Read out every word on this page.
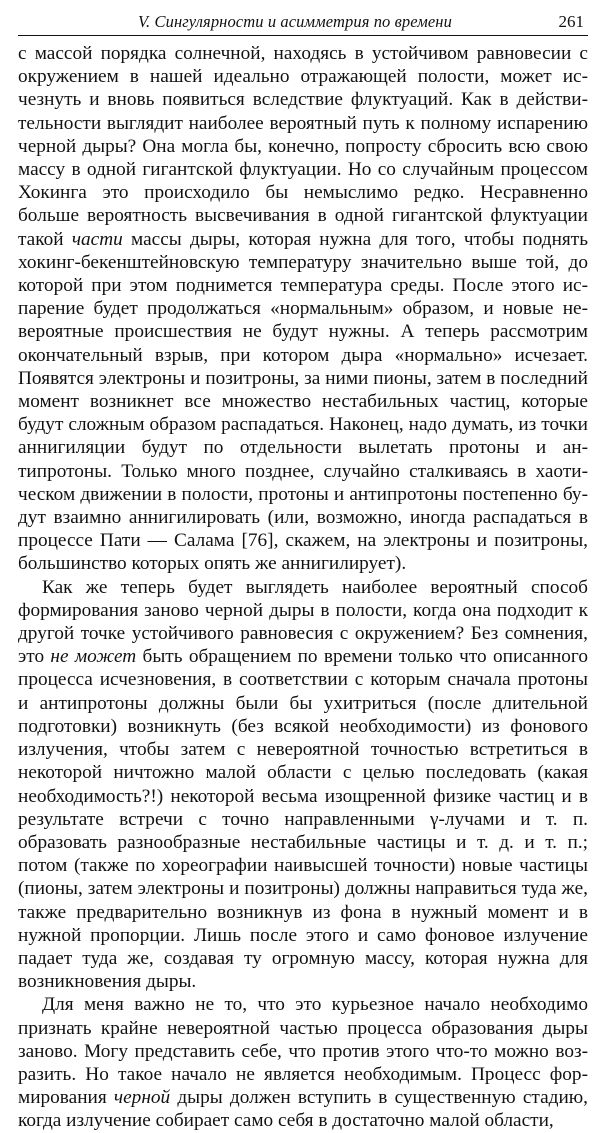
V. Сингулярности и асимметрия по времени	261

с массой порядка солнечной, находясь в устойчивом равновесии с окружением в нашей идеально отражающей полости, может исчезнуть и вновь появиться вследствие флуктуаций. Как в действительности выглядит наиболее вероятный путь к полному испарению черной дыры? Она могла бы, конечно, попросту сбросить всю свою массу в одной гигантской флуктуации. Но со случайным процессом Хокинга это происходило бы немыслимо редко. Несравненно больше вероятность высвечивания в одной гигантской флуктуации такой части массы дыры, которая нужна для того, чтобы поднять хокинг-бекенштейновскую температуру значительно выше той, до которой при этом поднимется температура среды. После этого испарение будет продолжаться «нормальным» образом, и новые невероятные происшествия не будут нужны. А теперь рассмотрим окончательный взрыв, при котором дыра «нормально» исчезает. Появятся электроны и позитроны, за ними пионы, затем в последний момент возникнет все множество нестабильных частиц, которые будут сложным образом распадаться. Наконец, надо думать, из точки аннигиляции будут по отдельности вылетать протоны и антипротоны. Только много позднее, случайно сталкиваясь в хаотическом движении в полости, протоны и антипротоны постепенно будут взаимно аннигилировать (или, возможно, иногда распадаться в процессе Пати — Салама [76], скажем, на электроны и позитроны, большинство которых опять же аннигилирует).

Как же теперь будет выглядеть наиболее вероятный способ формирования заново черной дыры в полости, когда она подходит к другой точке устойчивого равновесия с окружением? Без сомнения, это не может быть обращением по времени только что описанного процесса исчезновения, в соответствии с которым сначала протоны и антипротоны должны были бы ухитриться (после длительной подготовки) возникнуть (без всякой необходимости) из фонового излучения, чтобы затем с невероятной точностью встретиться в некоторой ничтожно малой области с целью последовать (какая необходимость?!) некоторой весьма изощренной физике частиц и в результате встречи с точно направленными γ-лучами и т. п. образовать разнообразные нестабильные частицы и т. д. и т. п.; потом (также по хореографии наивысшей точности) новые частицы (пионы, затем электроны и позитроны) должны направиться туда же, также предварительно возникнув из фона в нужный момент и в нужной пропорции. Лишь после этого и само фоновое излучение падает туда же, создавая ту огромную массу, которая нужна для возникновения дыры.

Для меня важно не то, что это курьезное начало необходимо признать крайне невероятной частью процесса образования дыры заново. Могу представить себе, что против этого что-то можно возразить. Но такое начало не является необходимым. Процесс формирования черной дыры должен вступить в существенную стадию, когда излучение собирает само себя в достаточно малой области,
